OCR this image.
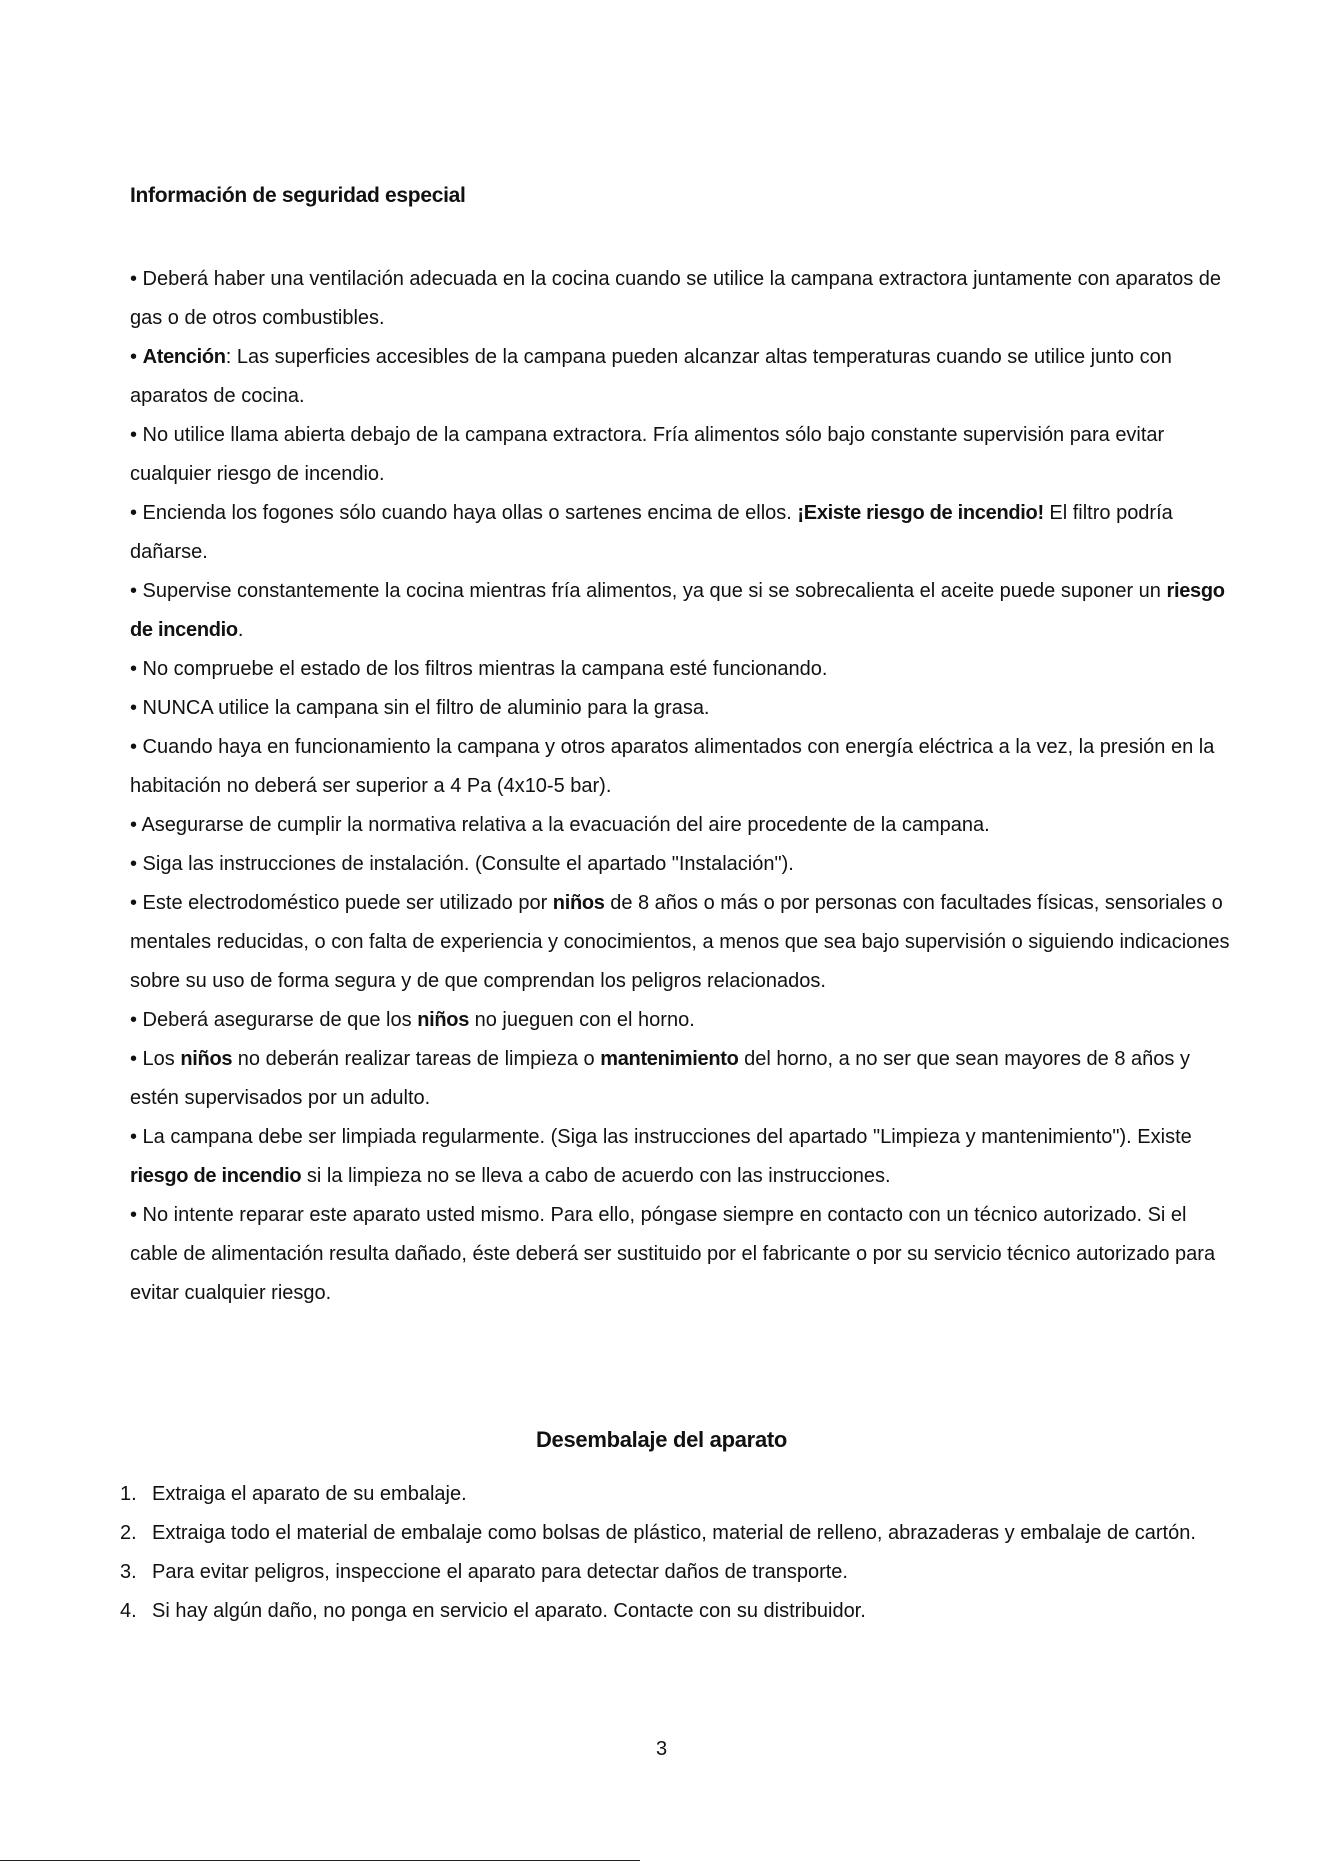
Información de seguridad especial

• Deberá haber una ventilación adecuada en la cocina cuando se utilice la campana extractora juntamente con aparatos de gas o de otros combustibles.

• Atención: Las superficies accesibles de la campana pueden alcanzar altas temperaturas cuando se utilice junto con aparatos de cocina.

• No utilice llama abierta debajo de la campana extractora. Fría alimentos sólo bajo constante supervisión para evitar cualquier riesgo de incendio.

• Encienda los fogones sólo cuando haya ollas o sartenes encima de ellos. ¡Existe riesgo de incendio! El filtro podría dañarse.

• Supervise constantemente la cocina mientras fría alimentos, ya que si se sobrecalienta el aceite puede suponer un riesgo de incendio.

• No compruebe el estado de los filtros mientras la campana esté funcionando.

• NUNCA utilice la campana sin el filtro de aluminio para la grasa.

• Cuando haya en funcionamiento la campana y otros aparatos alimentados con energía eléctrica a la vez, la presión en la habitación no deberá ser superior a 4 Pa (4x10-5 bar).

• Asegurarse de cumplir la normativa relativa a la evacuación del aire procedente de la campana.

• Siga las instrucciones de instalación. (Consulte el apartado "Instalación").

• Este electrodoméstico puede ser utilizado por niños de 8 años o más o por personas con facultades físicas, sensoriales o mentales reducidas, o con falta de experiencia y conocimientos, a menos que sea bajo supervisión o siguiendo indicaciones sobre su uso de forma segura y de que comprendan los peligros relacionados.

• Deberá asegurarse de que los niños no jueguen con el horno.

• Los niños no deberán realizar tareas de limpieza o mantenimiento del horno, a no ser que sean mayores de 8 años y estén supervisados por un adulto.

• La campana debe ser limpiada regularmente. (Siga las instrucciones del apartado "Limpieza y mantenimiento"). Existe riesgo de incendio si la limpieza no se lleva a cabo de acuerdo con las instrucciones.

• No intente reparar este aparato usted mismo. Para ello, póngase siempre en contacto con un técnico autorizado. Si el cable de alimentación resulta dañado, éste deberá ser sustituido por el fabricante o por su servicio técnico autorizado para evitar cualquier riesgo.

Desembalaje del aparato
1. Extraiga el aparato de su embalaje.
2. Extraiga todo el material de embalaje como bolsas de plástico, material de relleno, abrazaderas y embalaje de cartón.
3. Para evitar peligros, inspeccione el aparato para detectar daños de transporte.
4. Si hay algún daño, no ponga en servicio el aparato. Contacte con su distribuidor.
3
